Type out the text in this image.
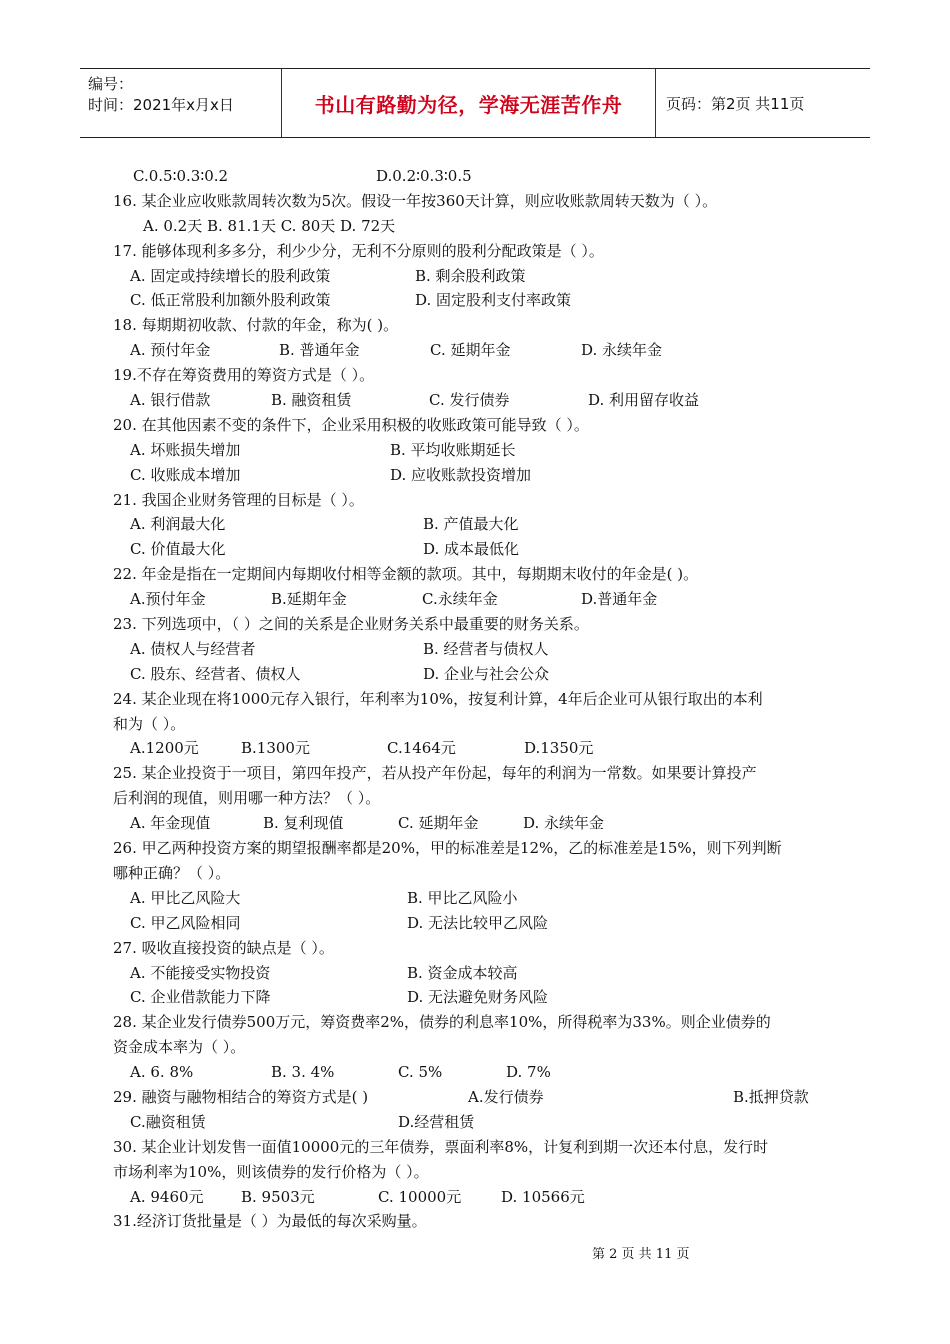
编号：
时间：2021年x月x日	书山有路勤为径，学海无涯苦作舟	页码：第2页 共11页
C.0.5∶0.3∶0.2	D.0.2∶0.3∶0.5
16. 某企业应收账款周转次数为5次。假设一年按360天计算，则应收账款周转天数为（ ）。
A. 0.2天 B. 81.1天 C. 80天 D. 72天
17. 能够体现利多多分，利少少分，无利不分原则的股利分配政策是（ ）。
A. 固定或持续增长的股利政策	B. 剩余股利政策
C. 低正常股利加额外股利政策	D. 固定股利支付率政策
18. 每期期初收款、付款的年金，称为( )。
A. 预付年金	B. 普通年金	C. 延期年金	D. 永续年金
19.不存在筹资费用的筹资方式是（ ）。
A. 银行借款	B. 融资租赁	C. 发行债券	D. 利用留存收益
20. 在其他因素不变的条件下，企业采用积极的收账政策可能导致（ ）。
A. 坏账损失增加	B. 平均收账期延长
C. 收账成本增加	D. 应收账款投资增加
21. 我国企业财务管理的目标是（ ）。
A. 利润最大化	B. 产值最大化
C. 价值最大化	D. 成本最低化
22. 年金是指在一定期间内每期收付相等金额的款项。其中，每期期末收付的年金是( )。
A.预付年金	B.延期年金	C.永续年金	D.普通年金
23. 下列选项中，（ ）之间的关系是企业财务关系中最重要的财务关系。
A. 债权人与经营者	B. 经营者与债权人
C. 股东、经营者、债权人	D. 企业与社会公众
24. 某企业现在将1000元存入银行，年利率为10%，按复利计算，4年后企业可从银行取出的本利
和为（ ）。
A.1200元	B.1300元	C.1464元	D.1350元
25. 某企业投资于一项目，第四年投产，若从投产年份起，每年的利润为一常数。如果要计算投产
后利润的现值，则用哪一种方法？（ ）。
A. 年金现值	B. 复利现值	C. 延期年金	D. 永续年金
26. 甲乙两种投资方案的期望报酬率都是20%，甲的标准差是12%，乙的标准差是15%，则下列判断
哪种正确？（ ）。
A. 甲比乙风险大	B. 甲比乙风险小
C. 甲乙风险相同	D. 无法比较甲乙风险
27. 吸收直接投资的缺点是（ ）。
A. 不能接受实物投资	B. 资金成本较高
C. 企业借款能力下降	D. 无法避免财务风险
28. 某企业发行债券500万元，筹资费率2%，债券的利息率10%，所得税率为33%。则企业债券的
资金成本率为（ ）。
A. 6. 8%	B. 3. 4%	C. 5%	D. 7%
29. 融资与融物相结合的筹资方式是( )	A.发行债券	B.抵押贷款
C.融资租赁	D.经营租赁
30. 某企业计划发售一面值10000元的三年债券，票面利率8%，计复利到期一次还本付息，发行时
市场利率为10%，则该债券的发行价格为（ ）。
A. 9460元 B. 9503元	C. 10000元	D. 10566元
31.经济订货批量是（ ）为最低的每次采购量。
第 2 页 共 11 页
